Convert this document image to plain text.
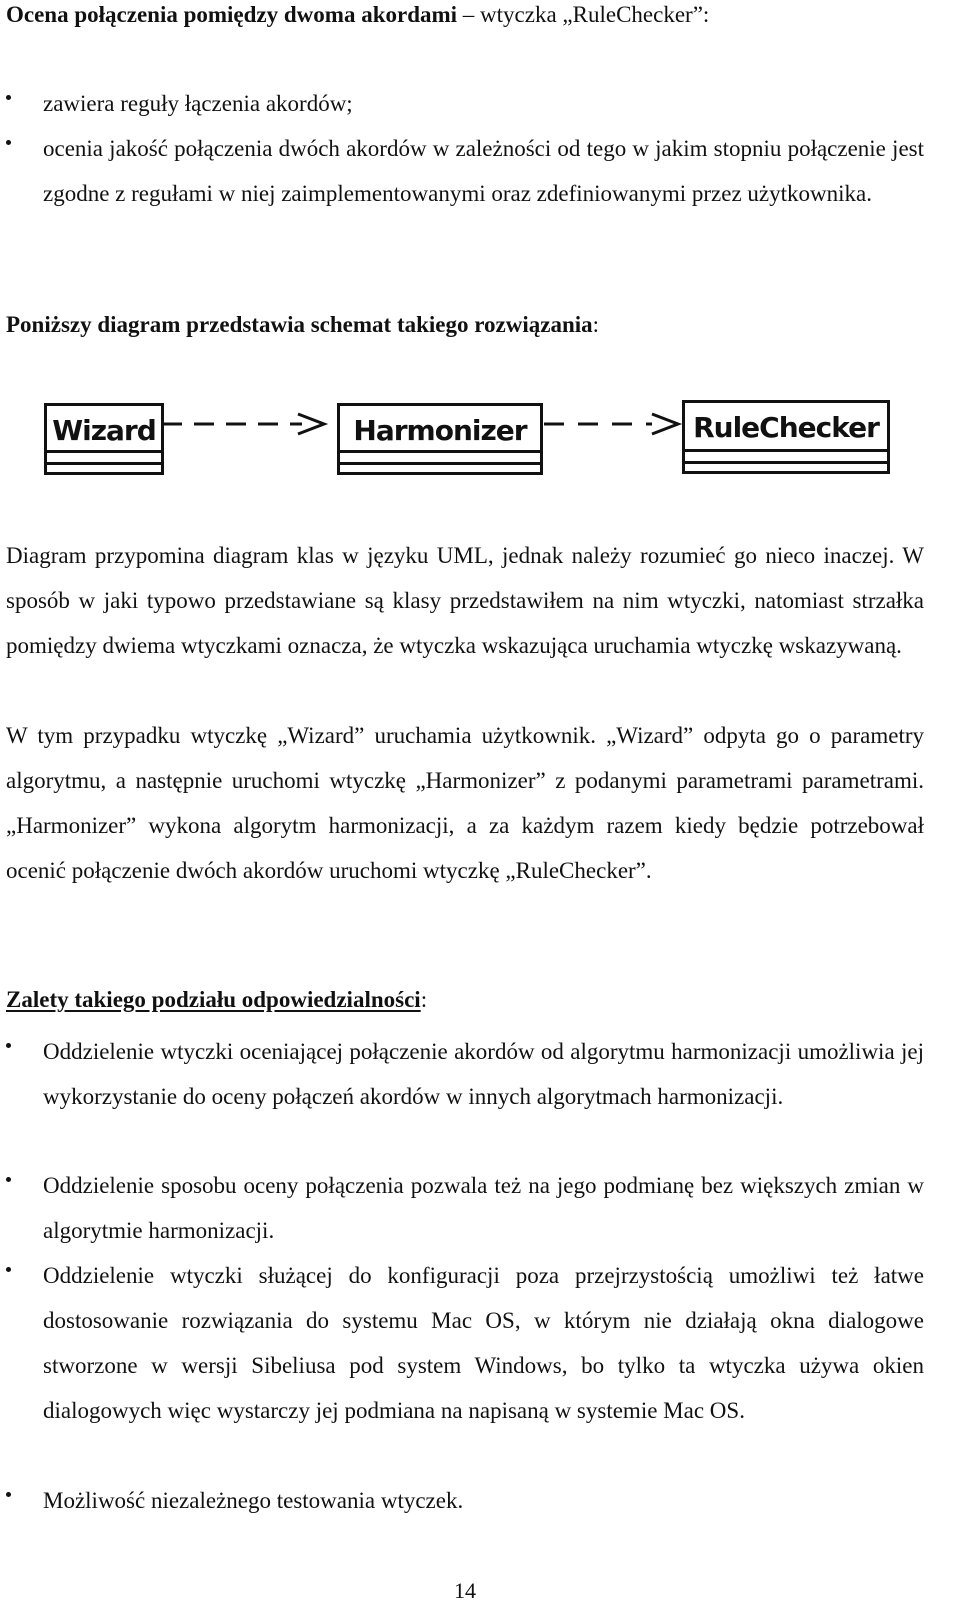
Ocena połączenia pomiędzy dwoma akordami – wtyczka „RuleChecker”:
zawiera reguły łączenia akordów;
ocenia jakość połączenia dwóch akordów w zależności od tego w jakim stopniu połączenie jest zgodne z regułami w niej zaimplementowanymi oraz zdefiniowanymi przez użytkownika.
Poniższy diagram przedstawia schemat takiego rozwiązania:
Wizard	Harmonizer	RuleChecker
Diagram przypomina diagram klas w języku UML, jednak należy rozumieć go nieco inaczej. W sposób w jaki typowo przedstawiane są klasy przedstawiłem na nim wtyczki, natomiast strzałka pomiędzy dwiema wtyczkami oznacza, że wtyczka wskazująca uruchamia wtyczkę wskazywaną.
W tym przypadku wtyczkę „Wizard” uruchamia użytkownik. „Wizard” odpyta go o parametry algorytmu, a następnie uruchomi wtyczkę „Harmonizer” z podanymi parametrami parametrami. „Harmonizer” wykona algorytm harmonizacji, a za każdym razem kiedy będzie potrzebował ocenić połączenie dwóch akordów uruchomi wtyczkę „RuleChecker”.
Zalety takiego podziału odpowiedzialności:
Oddzielenie wtyczki oceniającej połączenie akordów od algorytmu harmonizacji umożliwia jej wykorzystanie do oceny połączeń akordów w innych algorytmach harmonizacji.
Oddzielenie sposobu oceny połączenia pozwala też na jego podmianę bez większych zmian w algorytmie harmonizacji.
Oddzielenie wtyczki służącej do konfiguracji poza przejrzystością umożliwi też łatwe dostosowanie rozwiązania do systemu Mac OS, w którym nie działają okna dialogowe stworzone w wersji Sibeliusa pod system Windows, bo tylko ta wtyczka używa okien dialogowych więc wystarczy jej podmiana na napisaną w systemie Mac OS.
Możliwość niezależnego testowania wtyczek.
14
